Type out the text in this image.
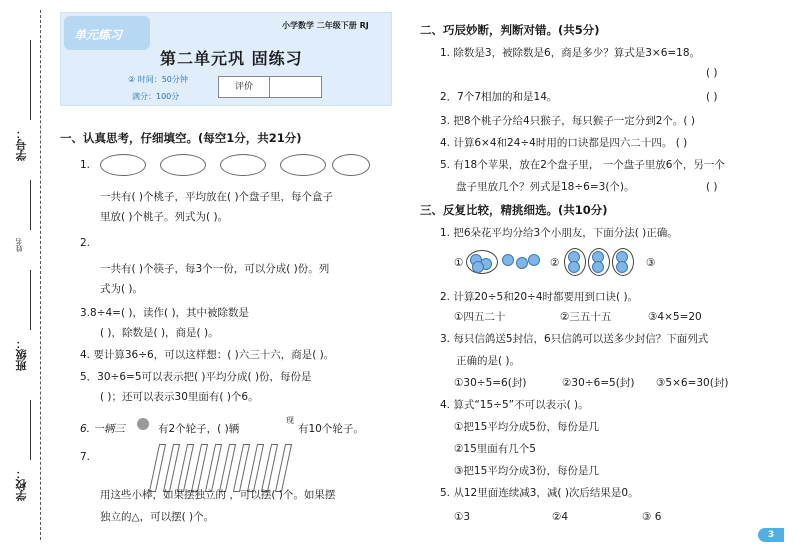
学号：
姓名
班级：
学校：
单元练习
小学数学 二年级下册 RJ
第二单元巩 固练习
② 时间：50分钟
满分：100分
评价
一、认真思考，仔细填空。(每空1分，共21分)
1.
一共有( )个桃子，平均放在( )个盘子里，每个盒子
里放( )个桃子。列式为( )。
2.
一共有( )个筷子，每3个一份，可以分成( )份。列
式为( )。
3.8÷4=( )，读作( )，其中被除数是
( )，除数是( )，商是( )。
4. 要计算36÷6，可以这样想：( )六三十六，商是( )。
5．30÷6=5可以表示把( )平均分成( )份，每份是
( )；还可以表示30里面有( )个6。
6. 一辆三	有2个轮子，( )辆
现
有10个轮子。
7.
用这些小棒，如果摆独立的 ，可以摆( )个。如果摆
独立的△，可以摆( )个。
二、巧辰妙断，判断对错。(共5分)
1. 除数是3，被除数是6，商是多少？算式是3×6=18。
( )
2．7个7相加的和是14。	( )
3. 把8个桃子分给4只猴子，每只猴子一定分到2个。( )
4. 计算6×4和24÷4时用的口诀都是四六二十四。 ( )
5. 有18个苹果，放在2个盘子里， 一个盘子里放6个，另一个
盘子里放几个？列式是18÷6=3(个)。	( )
三、反复比较，精挑细选。(共10分)
1. 把6朵花平均分给3个小朋友，下面分法( )正确。
①	②	③
2. 计算20÷5和20÷4时都要用到口诀( )。
①四五二十	②三五十五	③4×5=20
3. 每只信鸽送5封信，6只信鸽可以送多少封信？下面列式
正确的是( )。
①30÷5=6(封)	②30÷6=5(封) ③5×6=30(封)
4. 算式“15÷5”不可以表示( )。
①把15平均分成5份，每份是几
②15里面有几个5
③把15平均分成3份，每份是几
5. 从12里面连续减3，减( )次后结果是0。
①3	②4	③ 6
3
